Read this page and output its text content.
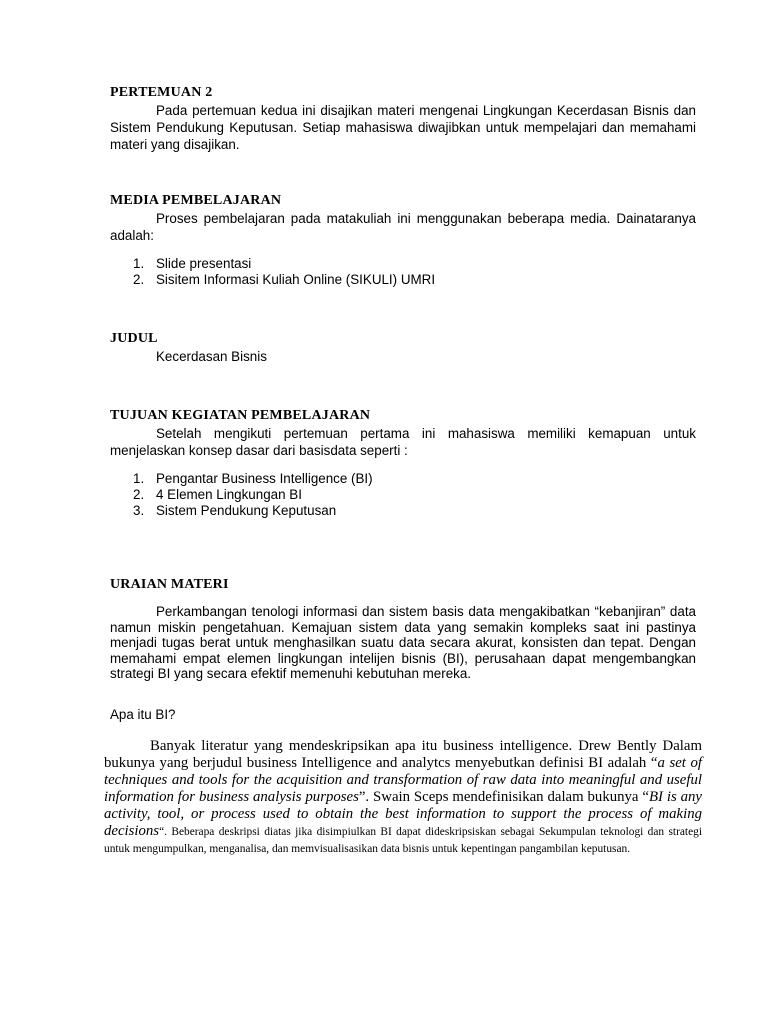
PERTEMUAN 2

Pada pertemuan kedua ini disajikan materi mengenai Lingkungan Kecerdasan Bisnis dan Sistem Pendukung Keputusan. Setiap mahasiswa diwajibkan untuk mempelajari dan memahami materi yang disajikan.

MEDIA PEMBELAJARAN

Proses pembelajaran pada matakuliah ini menggunakan beberapa media. Dainataranya adalah:

1. Slide presentasi
2. Sisitem Informasi Kuliah Online (SIKULI) UMRI
JUDUL

Kecerdasan Bisnis

TUJUAN KEGIATAN PEMBELAJARAN

Setelah mengikuti pertemuan pertama ini mahasiswa memiliki kemapuan untuk menjelaskan konsep dasar dari basisdata seperti :

1. Pengantar Business Intelligence (BI)
2. 4 Elemen Lingkungan BI
3. Sistem Pendukung Keputusan
URAIAN MATERI

Perkambangan tenologi informasi dan sistem basis data mengakibatkan “kebanjiran” data namun miskin pengetahuan. Kemajuan sistem data yang semakin kompleks saat ini pastinya menjadi tugas berat untuk menghasilkan suatu data secara akurat, konsisten dan tepat. Dengan memahami empat elemen lingkungan intelijen bisnis (BI), perusahaan dapat mengembangkan strategi BI yang secara efektif memenuhi kebutuhan mereka.

Apa itu BI?

Banyak literatur yang mendeskripsikan apa itu business intelligence. Drew Bently Dalam bukunya yang berjudul business Intelligence and analytcs menyebutkan definisi BI adalah “a set of techniques and tools for the acquisition and transformation of raw data into meaningful and useful information for business analysis purposes”. Swain Sceps mendefinisikan dalam bukunya “BI is any activity, tool, or process used to obtain the best information to support the process of making decisions“. Beberapa deskripsi diatas jika disimpiulkan BI dapat dideskripsiskan sebagai Sekumpulan teknologi dan strategi untuk mengumpulkan, menganalisa, dan memvisualisasikan data bisnis untuk kepentingan pangambilan keputusan.
